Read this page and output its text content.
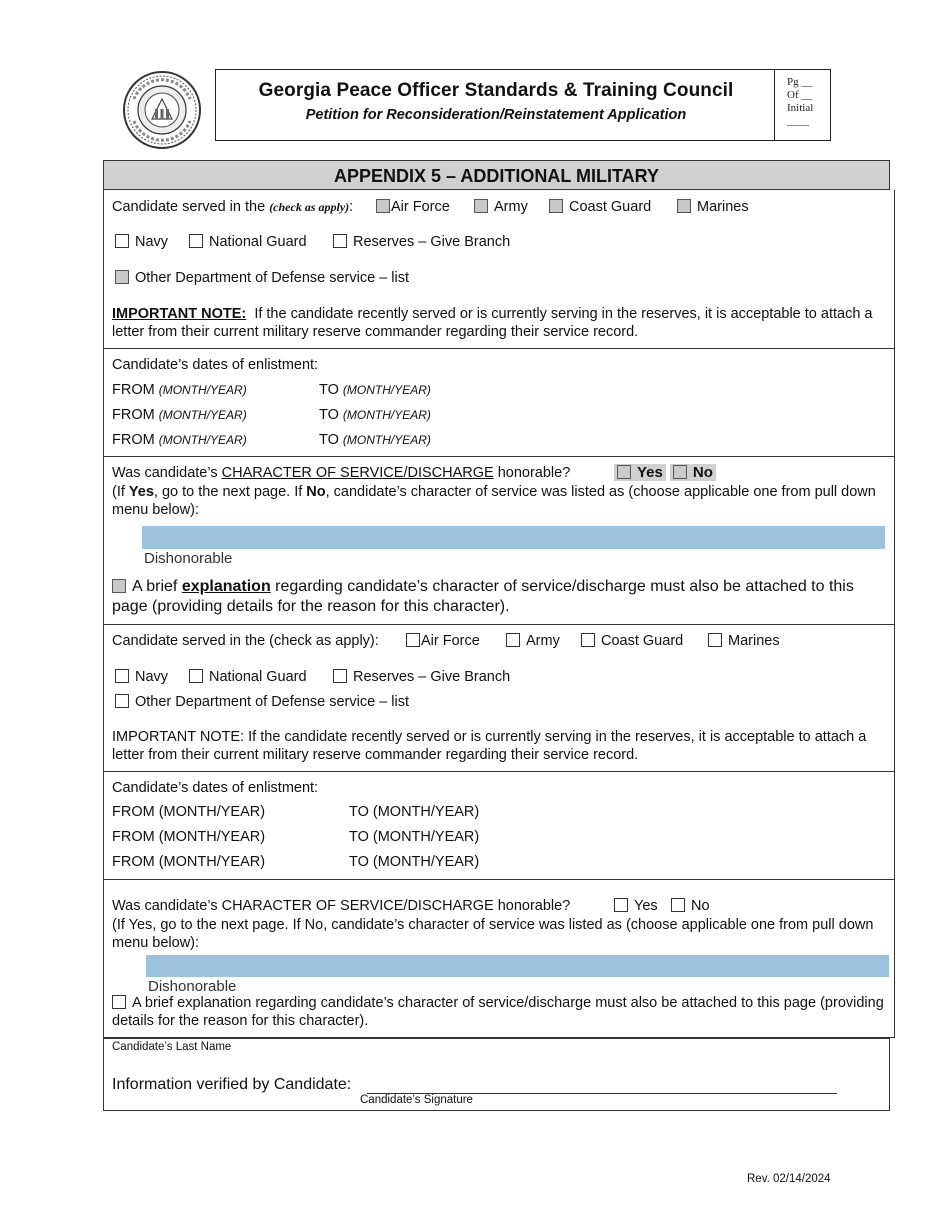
Georgia Peace Officer Standards & Training Council
Petition for Reconsideration/Reinstatement Application
Pg __
Of __
Initial
____
APPENDIX 5 – ADDITIONAL MILITARY
Candidate served in the (check as apply):	Air Force	Army	Coast Guard	Marines
Navy	National Guard	Reserves – Give Branch
Other Department of Defense service – list
IMPORTANT NOTE: If the candidate recently served or is currently serving in the reserves, it is acceptable to attach a letter from their current military reserve commander regarding their service record.
Candidate’s dates of enlistment:
FROM (MONTH/YEAR)	TO (MONTH/YEAR)
FROM (MONTH/YEAR)	TO (MONTH/YEAR)
FROM (MONTH/YEAR)	TO (MONTH/YEAR)
Was candidate’s CHARACTER OF SERVICE/DISCHARGE honorable?	Yes No
(If Yes, go to the next page. If No, candidate’s character of service was listed as (choose applicable one from pull down menu below):
Dishonorable
A brief explanation regarding candidate’s character of service/discharge must also be attached to this page (providing details for the reason for this character).
Candidate served in the (check as apply):	Air Force	Army	Coast Guard	Marines
Navy	National Guard	Reserves – Give Branch
Other Department of Defense service – list
IMPORTANT NOTE: If the candidate recently served or is currently serving in the reserves, it is acceptable to attach a letter from their current military reserve commander regarding their service record.
Candidate’s dates of enlistment:
FROM (MONTH/YEAR)	TO (MONTH/YEAR)
FROM (MONTH/YEAR)	TO (MONTH/YEAR)
FROM (MONTH/YEAR)	TO (MONTH/YEAR)
Was candidate’s CHARACTER OF SERVICE/DISCHARGE honorable?	Yes	No
(If Yes, go to the next page. If No, candidate’s character of service was listed as (choose applicable one from pull down menu below):
Dishonorable
A brief explanation regarding candidate’s character of service/discharge must also be attached to this page (providing details for the reason for this character).
Candidate’s Last Name
Information verified by Candidate:
Candidate’s Signature
Rev. 02/14/2024
